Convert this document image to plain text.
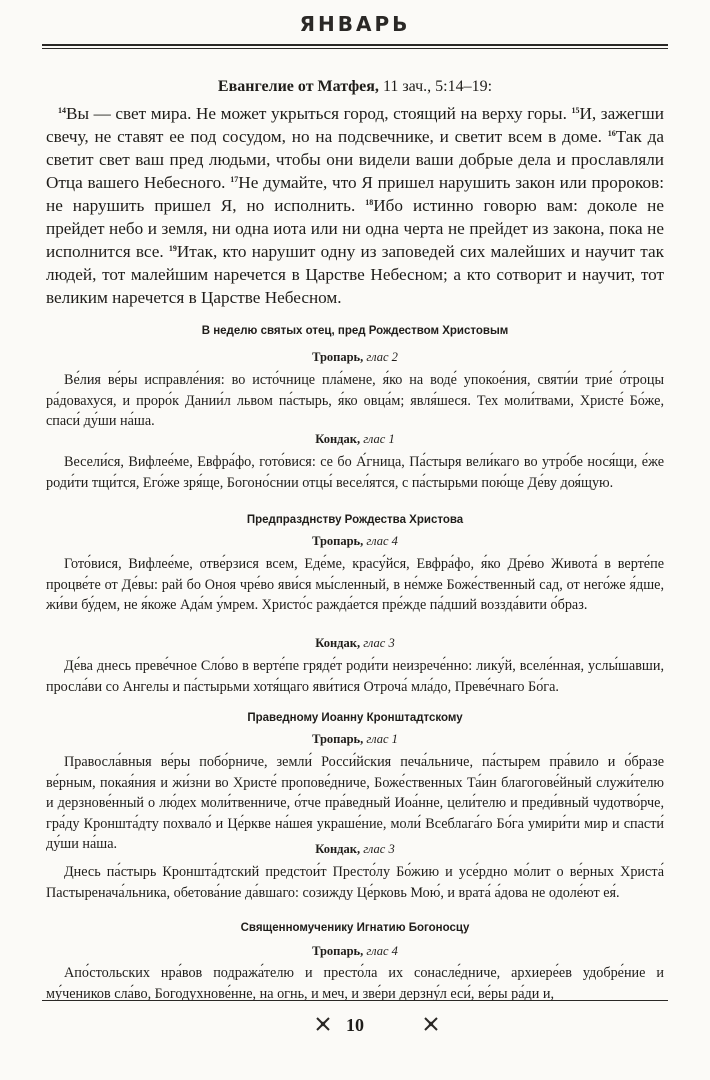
ЯНВАРЬ
Евангелие от Матфея, 11 зач., 5:14–19:

$^{14}$Вы — свет мира. Не может укрыться город, стоящий на верху горы. $^{15}$И, зажегши свечу, не ставят ее под сосудом, но на подсвечнике, и светит всем в доме. $^{16}$Так да светит свет ваш пред людьми, чтобы они видели ваши добрые дела и прославляли Отца вашего Небесного. $^{17}$Не думайте, что Я пришел нарушить закон или пророков: не нарушить пришел Я, но исполнить. $^{18}$Ибо истинно говорю вам: доколе не прейдет небо и земля, ни одна иота или ни одна черта не прейдет из закона, пока не исполнится все. $^{19}$Итак, кто нарушит одну из заповедей сих малейших и научит так людей, тот малейшим наречется в Царстве Небесном; а кто сотворит и научит, тот великим наречется в Царстве Небесном.

В неделю святых отец, пред Рождеством Христовым
Тропарь, глас 2

Ве́лия ве́ры исправле́ния: во исто́чнице пла́мене, я́ко на воде́ упокое́ния, святи́и трие́ о́троцы ра́довахуся, и проро́к Дании́л львом па́стырь, я́ко овца́м; явля́шеся. Тех моли́твами, Христе́ Бо́же, спаси́ ду́ши на́ша.

Кондак, глас 1

Весели́ся, Вифлее́ме, Евфра́фо, гото́вися: се бо А́гница, Па́стыря вели́кагo во утро́бе нося́щи, е́же роди́ти тщи́тся, Его́же зря́ще, Богоно́снии отцы́ весел́ятся, с па́стырьми пою́ще Де́ву доя́щую.

Предпразднству Рождества Христова
Тропарь, глас 4

Гото́вися, Вифлее́ме, отве́рзися всем, Еде́ме, красу́йся, Евфра́фо, я́ко Дре́во Живота́ в верте́пе процве́те от Де́вы: рай бо Оноя чре́во яви́ся мы́сленный, в не́мже Боже́ственный сад, от него́же я́дше, жи́ви бу́дем, не я́коже Ада́м у́мрем. Христо́с ражда́ется пре́жде па́дший воззда́вити о́браз.

Кондак, глас 3

Де́ва днесь преве́чное Сло́во в верте́пе гряде́т роди́ти неизрече́нно: лику́й, вселе́нная, услы́шавши, просла́ви со Ангелы и па́стырьми хотя́щаго яви́тися Отроча́ мла́до, Преве́чнаго Бо́га.

Праведному Иоанну Кронштадтскому
Тропарь, глас 1

Правосла́вныя ве́ры побо́рниче, земли́ Росси́йския печа́льниче, па́стырем пра́вило и о́бразе ве́рным, покая́ния и жи́зни во Христе́ пропове́дниче, Боже́ственных Та́ин благогове́йный служи́телю и дерзнове́нный о лю́дех моли́твенниче, о́тче пра́ведный Иоа́нне, цели́телю и преди́вный чудотво́рче, гра́ду Кроншта́дту похвало́ и Це́ркве на́шея украше́ние, моли́ Всеблага́го Бо́га умири́ти мир и спасти́ ду́ши на́ша.	Кондак, глас 3

Днесь па́стырь Кроншта́дтский предстои́т Престо́лу Бо́жию и усе́рдно мо́лит о ве́рных Христа́ Пастыренача́льника, обетова́ние да́вшаго: созижду Це́рковь Мою́, и врата́ а́дова не одоле́ют ея́.

Священномученику Игнатию Богоносцу
Тропарь, глас 4

Апо́стольских нра́вов подража́телю и престо́ла их сонасле́дниче, архиере́ев удобре́ние и му́чеников сла́во, Богодухнове́нне, на огнь, и меч, и зве́ри дерзну́л еси́, ве́ры ра́ди и,

10
